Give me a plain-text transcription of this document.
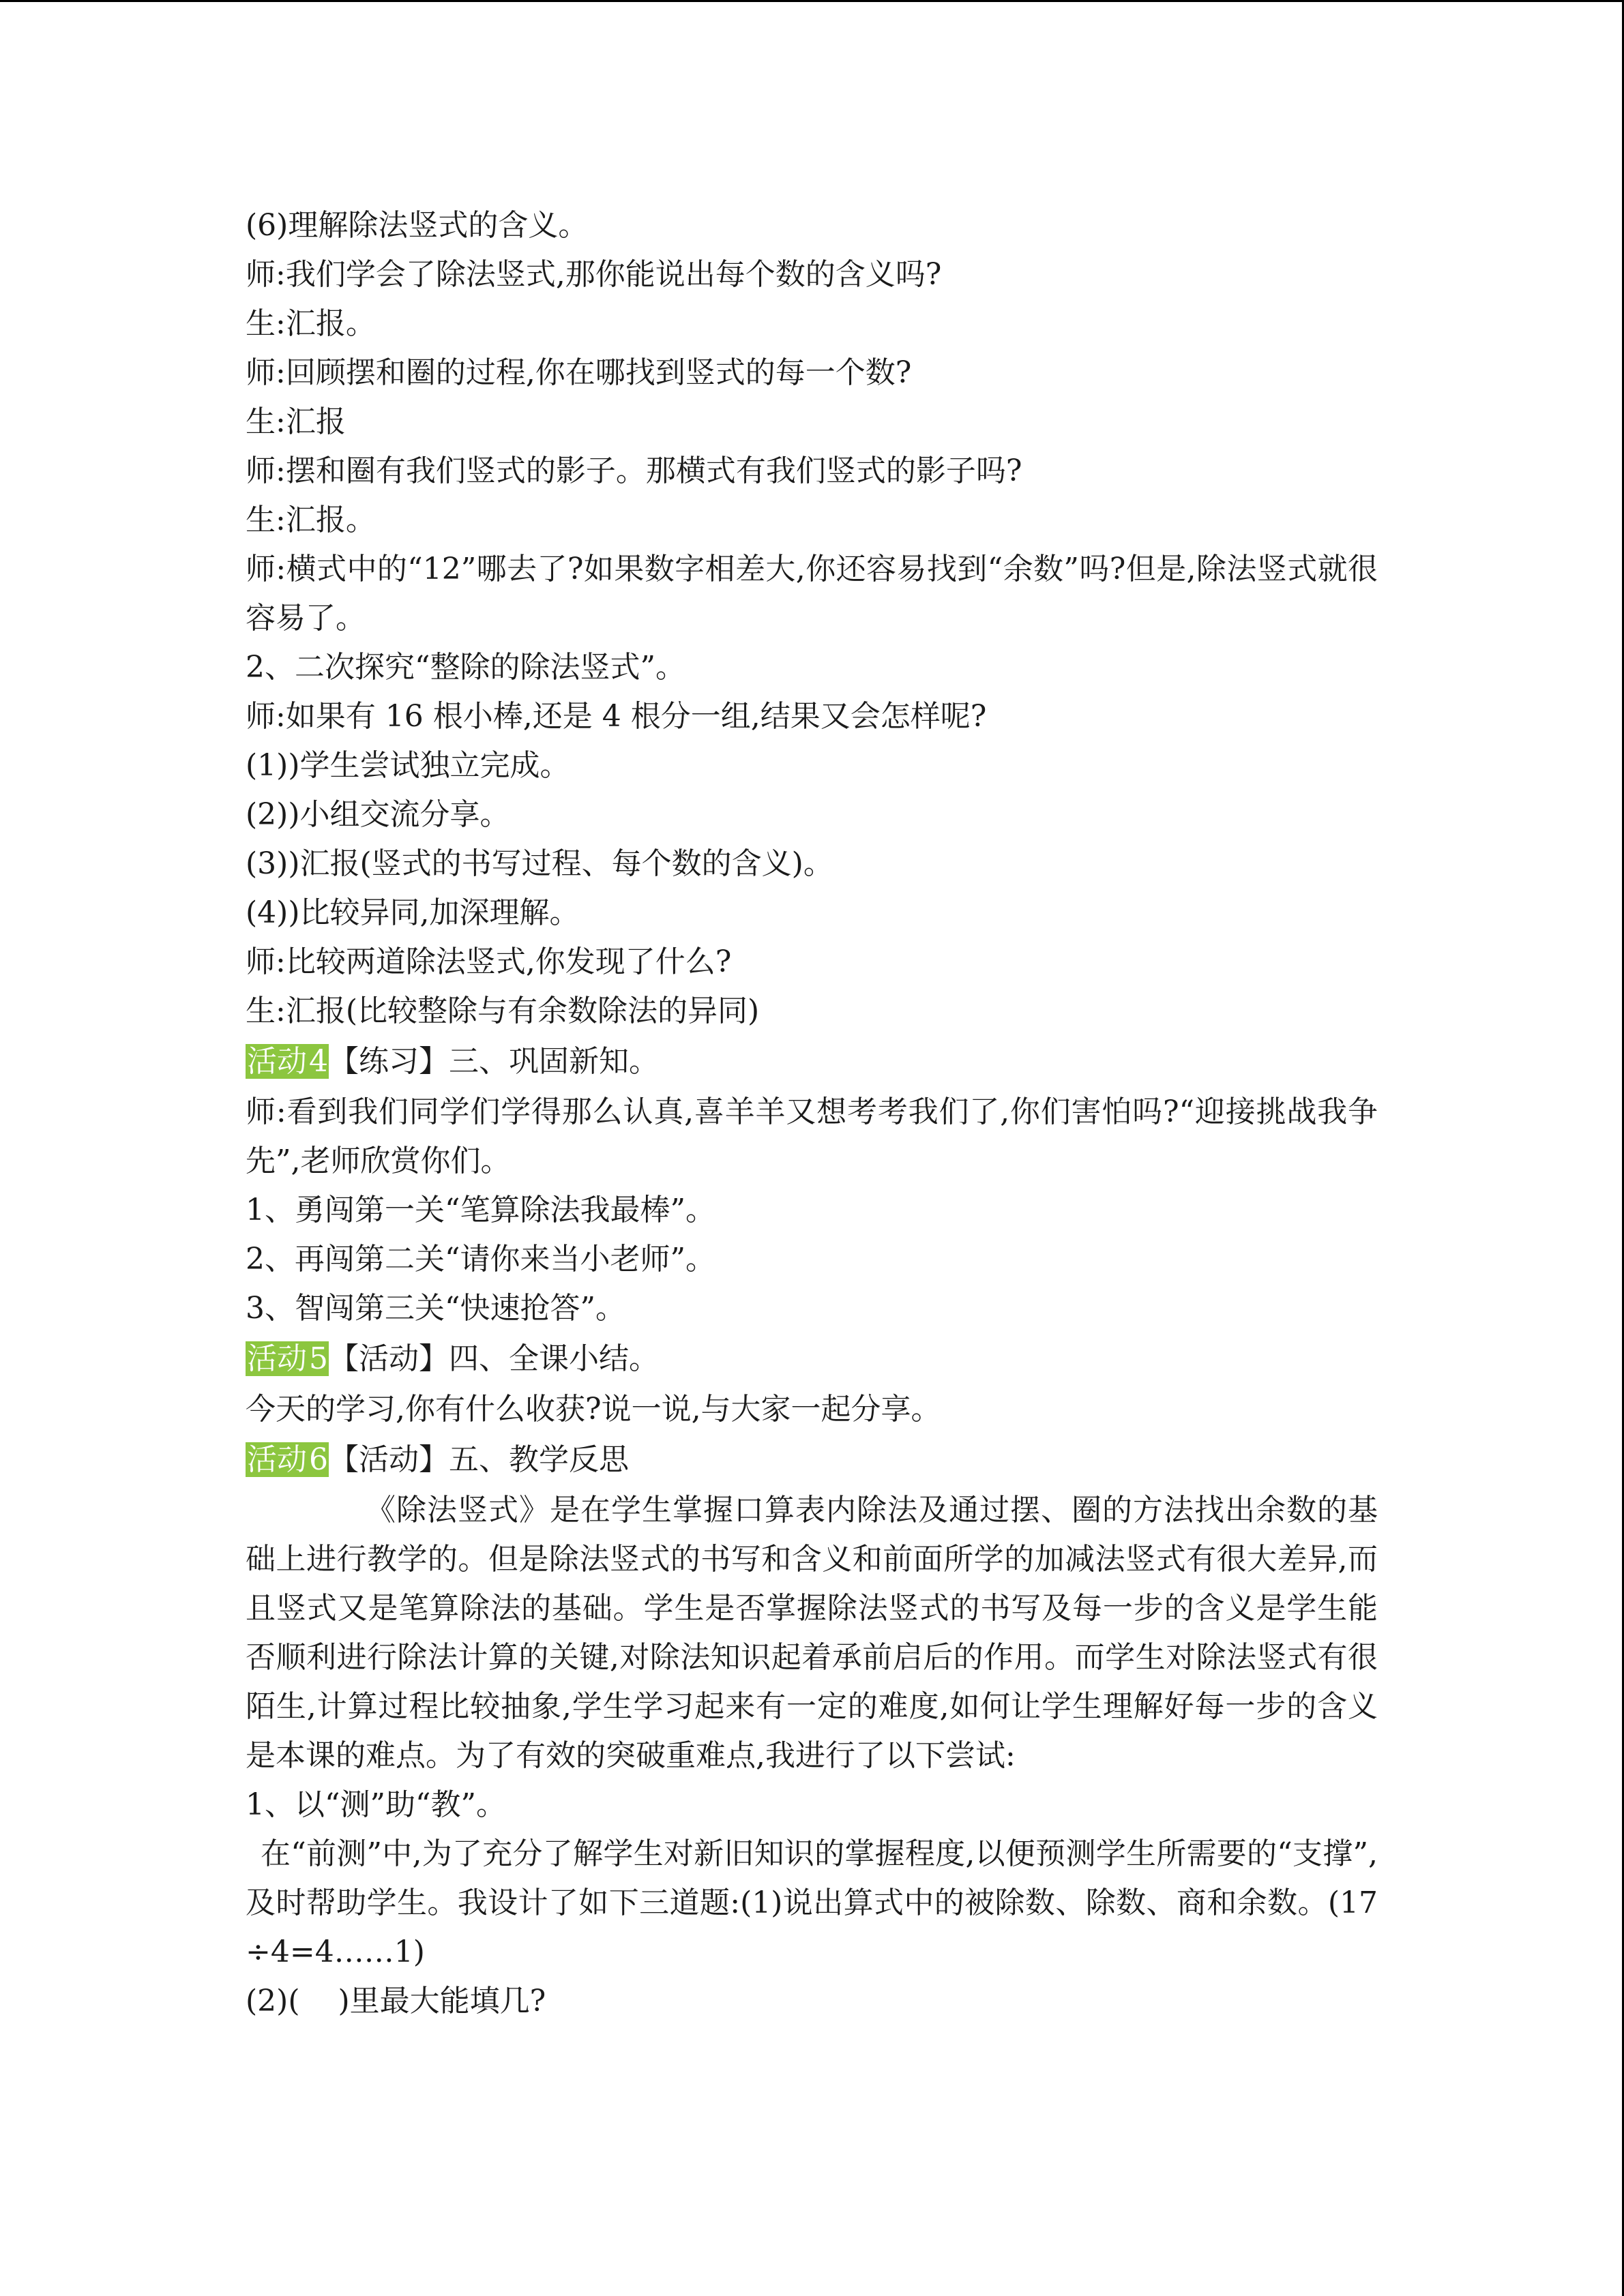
(6)理解除法竖式的含义。
师:我们学会了除法竖式,那你能说出每个数的含义吗?
生:汇报。
师:回顾摆和圈的过程,你在哪找到竖式的每一个数?
生:汇报
师:摆和圈有我们竖式的影子。那横式有我们竖式的影子吗?
生:汇报。
师:横式中的“12”哪去了?如果数字相差大,你还容易找到“余数”吗?但是,除法竖式就很容易了。
2、二次探究“整除的除法竖式”。
师:如果有 16 根小棒,还是 4 根分一组,结果又会怎样呢?
(1))学生尝试独立完成。
(2))小组交流分享。
(3))汇报(竖式的书写过程、每个数的含义)。
(4))比较异同,加深理解。
师:比较两道除法竖式,你发现了什么?
生:汇报(比较整除与有余数除法的异同)
活动4【练习】三、巩固新知。
师:看到我们同学们学得那么认真,喜羊羊又想考考我们了,你们害怕吗?“迎接挑战我争先”,老师欣赏你们。
1、勇闯第一关“笔算除法我最棒”。
2、再闯第二关“请你来当小老师”。
3、智闯第三关“快速抢答”。
活动5【活动】四、全课小结。
今天的学习,你有什么收获?说一说,与大家一起分享。
活动6【活动】五、教学反思
《除法竖式》是在学生掌握口算表内除法及通过摆、圈的方法找出余数的基础上进行教学的。但是除法竖式的书写和含义和前面所学的加减法竖式有很大差异,而且竖式又是笔算除法的基础。学生是否掌握除法竖式的书写及每一步的含义是学生能否顺利进行除法计算的关键,对除法知识起着承前启后的作用。而学生对除法竖式有很陌生,计算过程比较抽象,学生学习起来有一定的难度,如何让学生理解好每一步的含义是本课的难点。为了有效的突破重难点,我进行了以下尝试:
1、以“测”助“教”。
在“前测”中,为了充分了解学生对新旧知识的掌握程度,以便预测学生所需要的“支撑”,及时帮助学生。我设计了如下三道题:(1)说出算式中的被除数、除数、商和余数。(17÷4=4……1)
(2)(    )里最大能填几?
